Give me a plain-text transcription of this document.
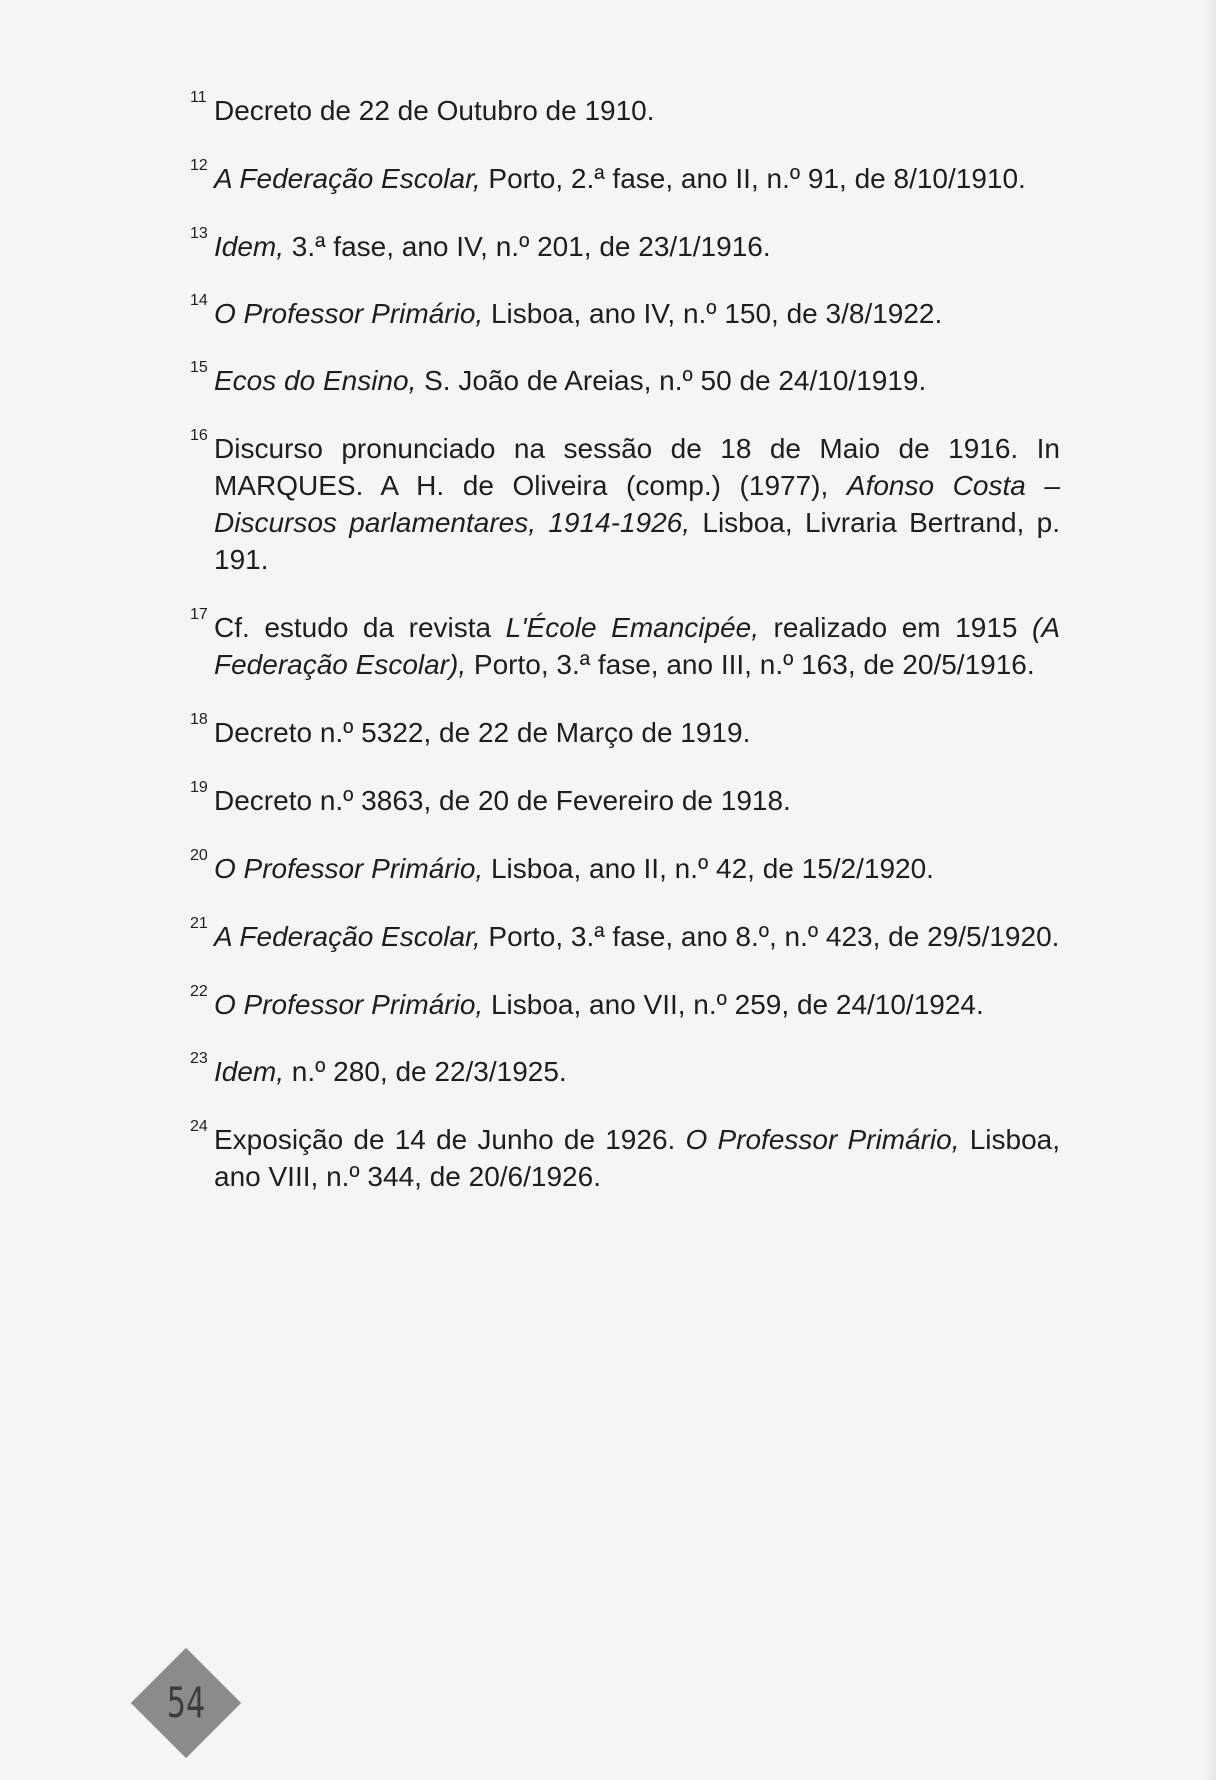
11 Decreto de 22 de Outubro de 1910.

12 A Federação Escolar, Porto, 2.ª fase, ano II, n.º 91, de 8/10/1910.

13 Idem, 3.ª fase, ano IV, n.º 201, de 23/1/1916.

14 O Professor Primário, Lisboa, ano IV, n.º 150, de 3/8/1922.

15 Ecos do Ensino, S. João de Areias, n.º 50 de 24/10/1919.

16 Discurso pronunciado na sessão de 18 de Maio de 1916. In MARQUES. A H. de Oliveira (comp.) (1977), Afonso Costa – Discursos parlamentares, 1914-1926, Lisboa, Livraria Bertrand, p. 191.

17 Cf. estudo da revista L'École Emancipée, realizado em 1915 (A Federação Escolar), Porto, 3.ª fase, ano III, n.º 163, de 20/5/1916.

18 Decreto n.º 5322, de 22 de Março de 1919.

19 Decreto n.º 3863, de 20 de Fevereiro de 1918.

20 O Professor Primário, Lisboa, ano II, n.º 42, de 15/2/1920.

21 A Federação Escolar, Porto, 3.ª fase, ano 8.º, n.º 423, de 29/5/1920.

22 O Professor Primário, Lisboa, ano VII, n.º 259, de 24/10/1924.

23 Idem, n.º 280, de 22/3/1925.

24 Exposição de 14 de Junho de 1926. O Professor Primário, Lisboa, ano VIII, n.º 344, de 20/6/1926.

54
